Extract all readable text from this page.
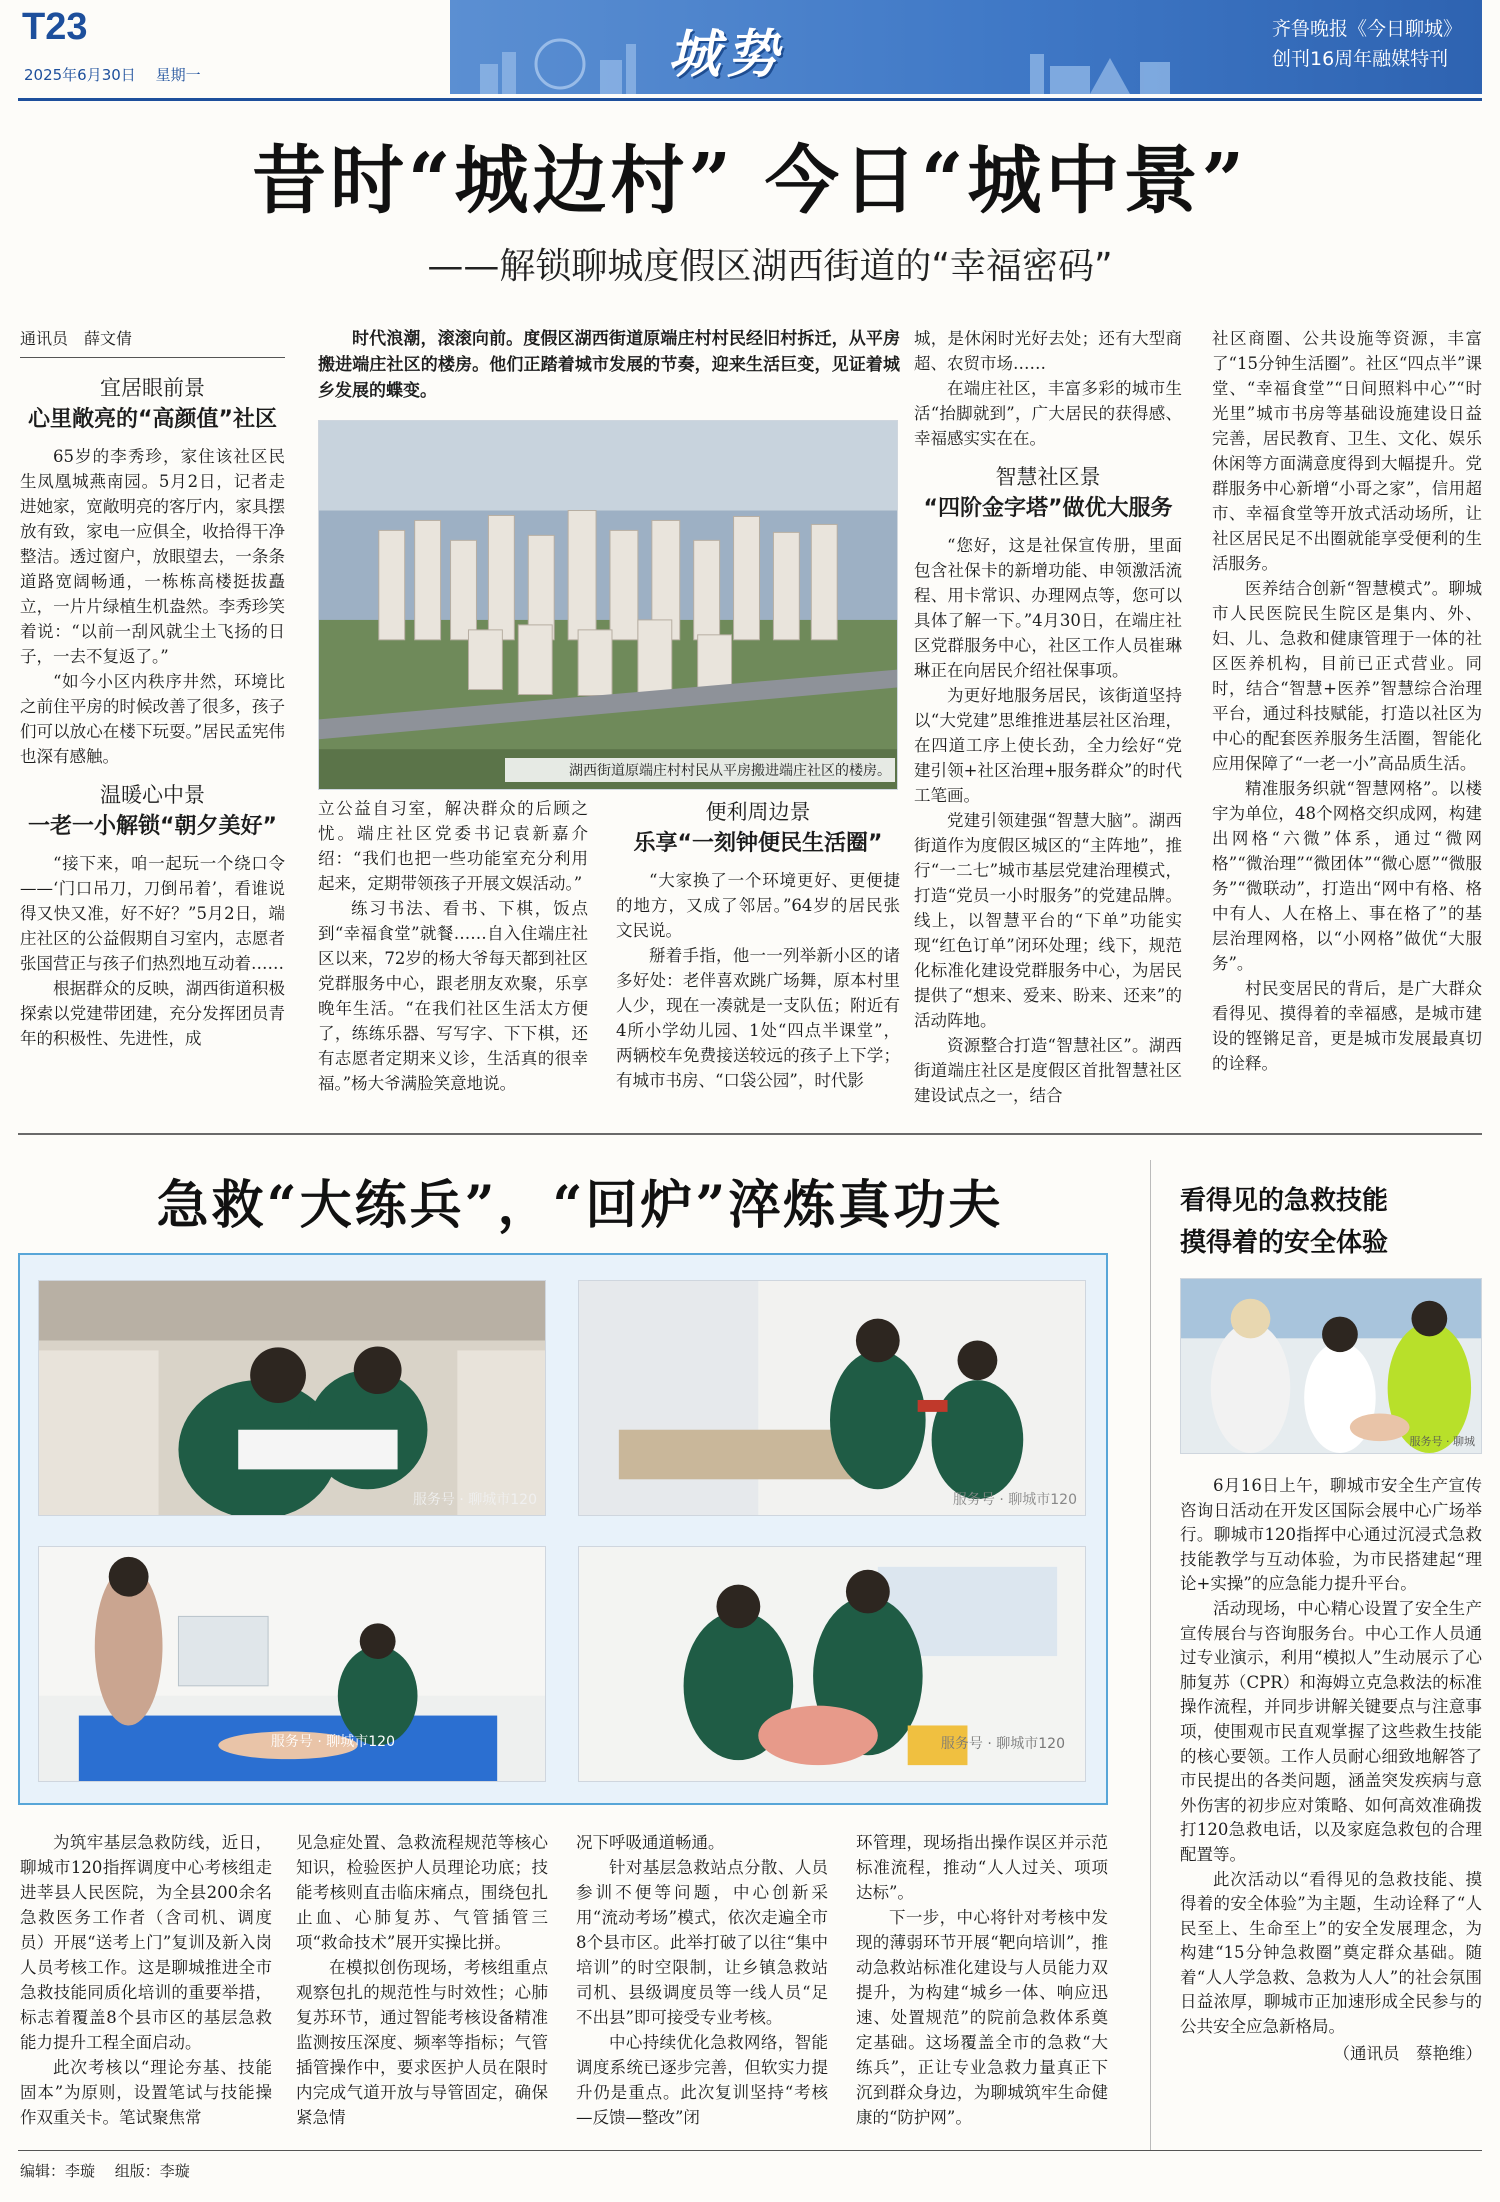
T23
2025年6月30日　 星期一	城势	齐鲁晚报《今日聊城》
创刊16周年融媒特刊
昔时“城边村” 今日“城中景”
——解锁聊城度假区湖西街道的“幸福密码”
通讯员　薛文倩
宜居眼前景
心里敞亮的“高颜值”社区

65岁的李秀珍，家住该社区民生凤凰城燕南园。5月2日，记者走进她家，宽敞明亮的客厅内，家具摆放有致，家电一应俱全，收拾得干净整洁。透过窗户，放眼望去，一条条道路宽阔畅通，一栋栋高楼挺拔矗立，一片片绿植生机盎然。李秀珍笑着说：“以前一刮风就尘土飞扬的日子，一去不复返了。”

“如今小区内秩序井然，环境比之前住平房的时候改善了很多，孩子们可以放心在楼下玩耍。”居民孟宪伟也深有感触。

温暖心中景
一老一小解锁“朝夕美好”

“接下来，咱一起玩一个绕口令——‘门口吊刀，刀倒吊着’，看谁说得又快又准，好不好？”5月2日，端庄社区的公益假期自习室内，志愿者张国营正与孩子们热烈地互动着……

根据群众的反映，湖西街道积极探索以党建带团建，充分发挥团员青年的积极性、先进性，成

时代浪潮，滚滚向前。度假区湖西街道原端庄村村民经旧村拆迁，从平房搬进端庄社区的楼房。他们正踏着城市发展的节奏，迎来生活巨变，见证着城乡发展的蝶变。
湖西街道原端庄村村民从平房搬进端庄社区的楼房。

立公益自习室，解决群众的后顾之忧。端庄社区党委书记袁新嘉介绍：“我们也把一些功能室充分利用起来，定期带领孩子开展文娱活动。”

练习书法、看书、下棋，饭点到“幸福食堂”就餐……自入住端庄社区以来，72岁的杨大爷每天都到社区党群服务中心，跟老朋友欢聚，乐享晚年生活。“在我们社区生活太方便了，练练乐器、写写字、下下棋，还有志愿者定期来义诊，生活真的很幸福。”杨大爷满脸笑意地说。

便利周边景
乐享“一刻钟便民生活圈”

“大家换了一个环境更好、更便捷的地方，又成了邻居。”64岁的居民张文民说。

掰着手指，他一一列举新小区的诸多好处：老伴喜欢跳广场舞，原本村里人少，现在一凑就是一支队伍；附近有4所小学幼儿园、1处“四点半课堂”，两辆校车免费接送较远的孩子上下学；有城市书房、“口袋公园”，时代影

城，是休闲时光好去处；还有大型商超、农贸市场……

在端庄社区，丰富多彩的城市生活“抬脚就到”，广大居民的获得感、幸福感实实在在。

智慧社区景
“四阶金字塔”做优大服务

“您好，这是社保宣传册，里面包含社保卡的新增功能、申领激活流程、用卡常识、办理网点等，您可以具体了解一下。”4月30日，在端庄社区党群服务中心，社区工作人员崔琳琳正在向居民介绍社保事项。

为更好地服务居民，该街道坚持以“大党建”思维推进基层社区治理，在四道工序上使长劲，全力绘好“党建引领+社区治理+服务群众”的时代工笔画。

党建引领建强“智慧大脑”。湖西街道作为度假区城区的“主阵地”，推行“一二七”城市基层党建治理模式，打造“党员一小时服务”的党建品牌。线上，以智慧平台的“下单”功能实现“红色订单”闭环处理；线下，规范化标准化建设党群服务中心，为居民提供了“想来、爱来、盼来、还来”的活动阵地。

资源整合打造“智慧社区”。湖西街道端庄社区是度假区首批智慧社区建设试点之一，结合

社区商圈、公共设施等资源，丰富了“15分钟生活圈”。社区“四点半”课堂、“幸福食堂”“日间照料中心”“时光里”城市书房等基础设施建设日益完善，居民教育、卫生、文化、娱乐休闲等方面满意度得到大幅提升。党群服务中心新增“小哥之家”，信用超市、幸福食堂等开放式活动场所，让社区居民足不出圈就能享受便利的生活服务。

医养结合创新“智慧模式”。聊城市人民医院民生院区是集内、外、妇、儿、急救和健康管理于一体的社区医养机构，目前已正式营业。同时，结合“智慧+医养”智慧综合治理平台，通过科技赋能，打造以社区为中心的配套医养服务生活圈，智能化应用保障了“一老一小”高品质生活。

精准服务织就“智慧网格”。以楼宇为单位，48个网格交织成网，构建出网格“六微”体系，通过“微网格”“微治理”“微团体”“微心愿”“微服务”“微联动”，打造出“网中有格、格中有人、人在格上、事在格了”的基层治理网格，以“小网格”做优“大服务”。

村民变居民的背后，是广大群众看得见、摸得着的幸福感，是城市建设的铿锵足音，更是城市发展最真切的诠释。

急救“大练兵”，“回炉”淬炼真功夫
服务号 · 聊城市120	服务号 · 聊城市120
服务号 · 聊城市120	服务号 · 聊城市120

为筑牢基层急救防线，近日，聊城市120指挥调度中心考核组走进莘县人民医院，为全县200余名急救医务工作者（含司机、调度员）开展“送考上门”复训及新入岗人员考核工作。这是聊城推进全市急救技能同质化培训的重要举措，标志着覆盖8个县市区的基层急救能力提升工程全面启动。

此次考核以“理论夯基、技能固本”为原则，设置笔试与技能操作双重关卡。笔试聚焦常

见急症处置、急救流程规范等核心知识，检验医护人员理论功底；技能考核则直击临床痛点，围绕包扎止血、心肺复苏、气管插管三项“救命技术”展开实操比拼。

在模拟创伤现场，考核组重点观察包扎的规范性与时效性；心肺复苏环节，通过智能考核设备精准监测按压深度、频率等指标；气管插管操作中，要求医护人员在限时内完成气道开放与导管固定，确保紧急情

况下呼吸通道畅通。

针对基层急救站点分散、人员参训不便等问题，中心创新采用“流动考场”模式，依次走遍全市8个县市区。此举打破了以往“集中培训”的时空限制，让乡镇急救站司机、县级调度员等一线人员“足不出县”即可接受专业考核。

中心持续优化急救网络，智能调度系统已逐步完善，但软实力提升仍是重点。此次复训坚持“考核—反馈—整改”闭

环管理，现场指出操作误区并示范标准流程，推动“人人过关、项项达标”。

下一步，中心将针对考核中发现的薄弱环节开展“靶向培训”，推动急救站标准化建设与人员能力双提升，为构建“城乡一体、响应迅速、处置规范”的院前急救体系奠定基础。这场覆盖全市的急救“大练兵”，正让专业急救力量真正下沉到群众身边，为聊城筑牢生命健康的“防护网”。

看得见的急救技能
摸得着的安全体验
服务号 · 聊城

6月16日上午，聊城市安全生产宣传咨询日活动在开发区国际会展中心广场举行。聊城市120指挥中心通过沉浸式急救技能教学与互动体验，为市民搭建起“理论+实操”的应急能力提升平台。

活动现场，中心精心设置了安全生产宣传展台与咨询服务台。中心工作人员通过专业演示，利用“模拟人”生动展示了心肺复苏（CPR）和海姆立克急救法的标准操作流程，并同步讲解关键要点与注意事项，使围观市民直观掌握了这些救生技能的核心要领。工作人员耐心细致地解答了市民提出的各类问题，涵盖突发疾病与意外伤害的初步应对策略、如何高效准确拨打120急救电话，以及家庭急救包的合理配置等。

此次活动以“看得见的急救技能、摸得着的安全体验”为主题，生动诠释了“人民至上、生命至上”的安全发展理念，为构建“15分钟急救圈”奠定群众基础。随着“人人学急救、急救为人人”的社会氛围日益浓厚，聊城市正加速形成全民参与的公共安全应急新格局。

（通讯员　蔡艳维）
编辑：李璇　 组版：李璇
